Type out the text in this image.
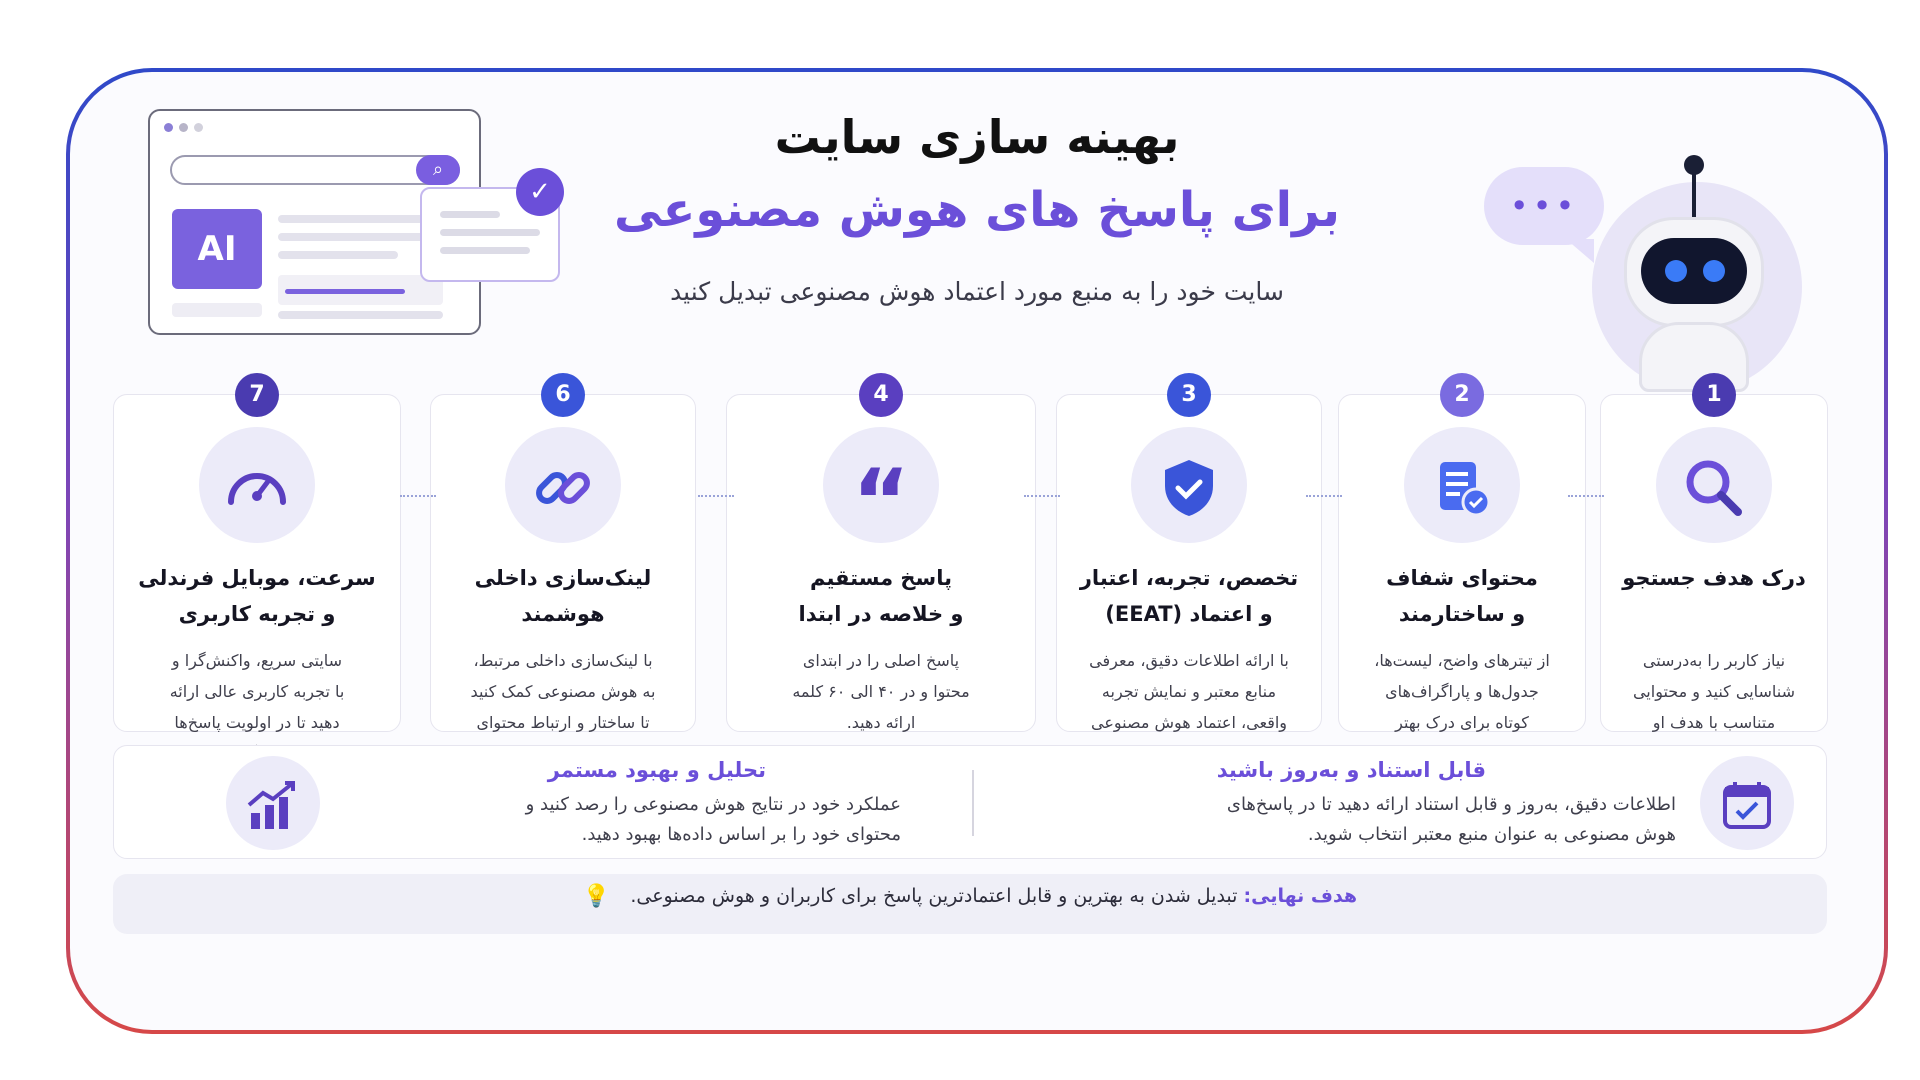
بهینه سازی سایت
برای پاسخ های هوش مصنوعی
سایت خود را به منبع مورد اعتماد هوش مصنوعی تبدیل کنید
⌕
AI
✓	•••
1
درک هدف جستجو
نیاز کاربر را به‌درستی
شناسایی کنید و محتوایی
متناسب با هدف او

2
محتوای شفاف
و ساختارمند
از تیترهای واضح، لیست‌ها،
جدول‌ها و پاراگراف‌های
کوتاه برای درک بهتر

3
تخصص، تجربه، اعتبار
و اعتماد (EEAT)
با ارائه اطلاعات دقیق، معرفی
منابع معتبر و نمایش تجربه
واقعی، اعتماد هوش مصنوعی

4
“
پاسخ مستقیم
و خلاصه در ابتدا
پاسخ اصلی را در ابتدای
محتوا و در ۴۰ الی ۶۰ کلمه
ارائه دهید.
6
لینک‌سازی داخلی
هوشمند
با لینک‌سازی داخلی مرتبط،
به هوش مصنوعی کمک کنید
تا ساختار و ارتباط محتوای

7
سرعت، موبایل فرندلی
و تجربه کاربری
سایتی سریع، واکنش‌گرا و
با تجربه کاربری عالی ارائه
دهید تا در اولویت پاسخ‌ها

قابل استناد و به‌روز باشید
اطلاعات دقیق، به‌روز و قابل استناد ارائه دهید تا در پاسخ‌های
هوش مصنوعی به عنوان منبع معتبر انتخاب شوید.
تحلیل و بهبود مستمر
عملکرد خود در نتایج هوش مصنوعی را رصد کنید و
محتوای خود را بر اساس داده‌ها بهبود دهید.
هدف نهایی: تبدیل شدن به بهترین و قابل اعتمادترین پاسخ برای کاربران و هوش مصنوعی. 💡
